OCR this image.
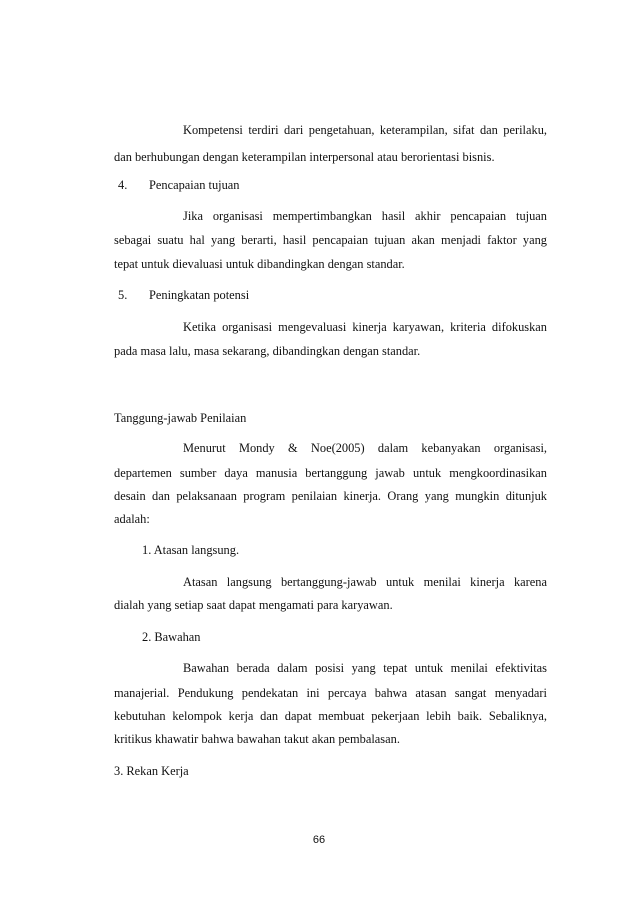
Kompetensi terdiri dari pengetahuan, keterampilan, sifat dan perilaku,
dan berhubungan dengan keterampilan interpersonal atau berorientasi bisnis.
4. Pencapaian tujuan
Jika organisasi mempertimbangkan hasil akhir pencapaian tujuan
sebagai suatu hal yang berarti, hasil pencapaian tujuan akan menjadi faktor yang
tepat untuk dievaluasi untuk dibandingkan dengan standar.
5. Peningkatan potensi
Ketika organisasi mengevaluasi kinerja karyawan, kriteria difokuskan
pada masa lalu, masa sekarang, dibandingkan dengan standar.
Tanggung-jawab Penilaian
Menurut Mondy & Noe(2005) dalam kebanyakan organisasi,
departemen sumber daya manusia bertanggung jawab untuk mengkoordinasikan
desain dan pelaksanaan program penilaian kinerja. Orang yang mungkin ditunjuk
adalah:
1. Atasan langsung.
Atasan langsung bertanggung-jawab untuk menilai kinerja karena
dialah yang setiap saat dapat mengamati para karyawan.
2. Bawahan
Bawahan berada dalam posisi yang tepat untuk menilai efektivitas
manajerial. Pendukung pendekatan ini percaya bahwa atasan sangat menyadari
kebutuhan kelompok kerja dan dapat membuat pekerjaan lebih baik. Sebaliknya,
kritikus khawatir bahwa bawahan takut akan pembalasan.
3. Rekan Kerja
66
